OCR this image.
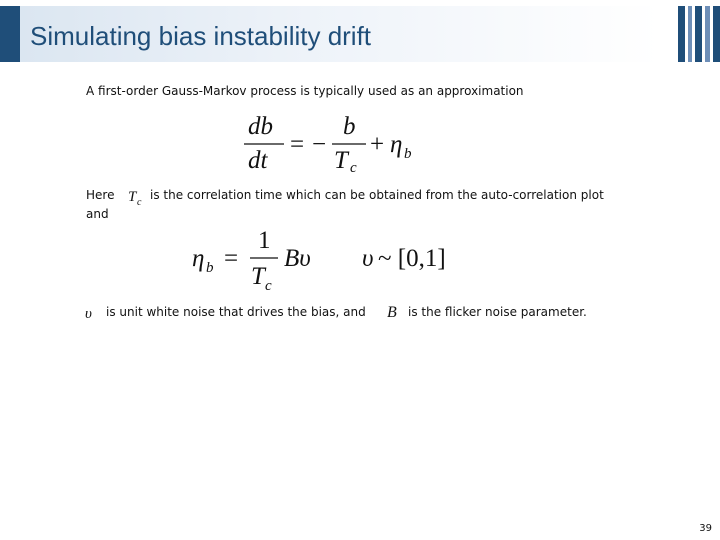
Simulating bias instability drift
A first-order Gauss-Markov process is typically used as an approximation
db
dt
= −
b
T c
+ η b
Here
and
T c
is the correlation time which can be obtained from the auto-correlation plot
η b =
1
T c
Bυ υ ~ [0,1]
υ is unit white noise that drives the bias, and B is the flicker noise parameter.
39
